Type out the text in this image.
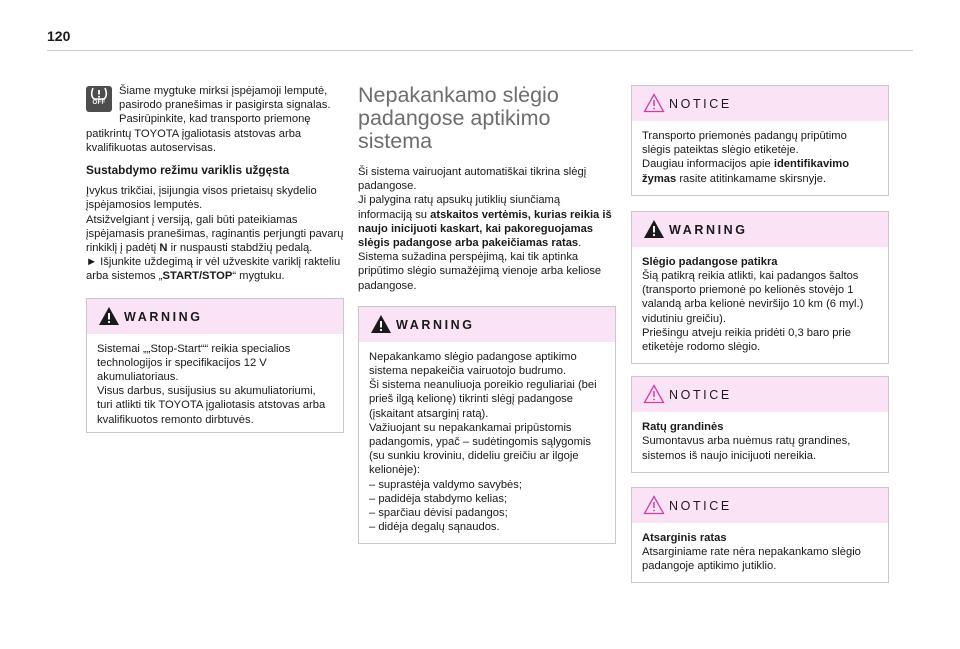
120
OFF

Šiame mygtuke mirksi įspėjamoji lemputė, pasirodo pranešimas ir pasigirsta signalas.

Pasirūpinkite, kad transporto priemonę patikrintų TOYOTA įgaliotasis atstovas arba kvalifikuotas autoservisas.

Sustabdymo režimu variklis užgęsta

Įvykus trikčiai, įsijungia visos prietaisų skydelio įspėjamosios lemputės.

Atsižvelgiant į versiją, gali būti pateikiamas įspėjamasis pranešimas, raginantis perjungti pavarų rinkiklį į padėtį N ir nuspausti stabdžių pedalą.

► Išjunkite uždegimą ir vėl užveskite variklį rakteliu arba sistemos „START/STOP“ mygtuku.

WARNING

Sistemai „„Stop-Start““ reikia specialios technologijos ir specifikacijos 12 V akumuliatoriaus.

Visus darbus, susijusius su akumuliatoriumi, turi atlikti tik TOYOTA įgaliotasis atstovas arba kvalifikuotos remonto dirbtuvės.

Nepakankamo slėgio padangose aptikimo sistema

Ši sistema vairuojant automatiškai tikrina slėgį padangose.

Ji palygina ratų apsukų jutiklių siunčiamą informaciją su atskaitos vertėmis, kurias reikia iš naujo inicijuoti kaskart, kai pakoreguojamas slėgis padangose arba pakeičiamas ratas.

Sistema sužadina perspėjimą, kai tik aptinka pripūtimo slėgio sumažėjimą vienoje arba keliose padangose.

WARNING

Nepakankamo slėgio padangose aptikimo sistema nepakeičia vairuotojo budrumo.

Ši sistema neanuliuoja poreikio reguliariai (bei prieš ilgą kelionę) tikrinti slėgį padangose (įskaitant atsarginį ratą).

Važiuojant su nepakankamai pripūstomis padangomis, ypač – sudėtingomis sąlygomis (su sunkiu kroviniu, dideliu greičiu ar ilgoje kelionėje):

– suprastėja valdymo savybės;

– padidėja stabdymo kelias;

– sparčiau dėvisi padangos;

– didėja degalų sąnaudos.

NOTICE

Transporto priemonės padangų pripūtimo slėgis pateiktas slėgio etiketėje.

Daugiau informacijos apie identifikavimo žymas rasite atitinkamame skirsnyje.

WARNING

Slėgio padangose patikra

Šią patikrą reikia atlikti, kai padangos šaltos (transporto priemonė po kelionės stovėjo 1 valandą arba kelionė neviršijo 10 km (6 myl.) vidutiniu greičiu).

Priešingu atveju reikia pridėti 0,3 baro prie etiketėje rodomo slėgio.

NOTICE

Ratų grandinės

Sumontavus arba nuėmus ratų grandines, sistemos iš naujo inicijuoti nereikia.

NOTICE

Atsarginis ratas

Atsarginiame rate nėra nepakankamo slėgio padangoje aptikimo jutiklio.
